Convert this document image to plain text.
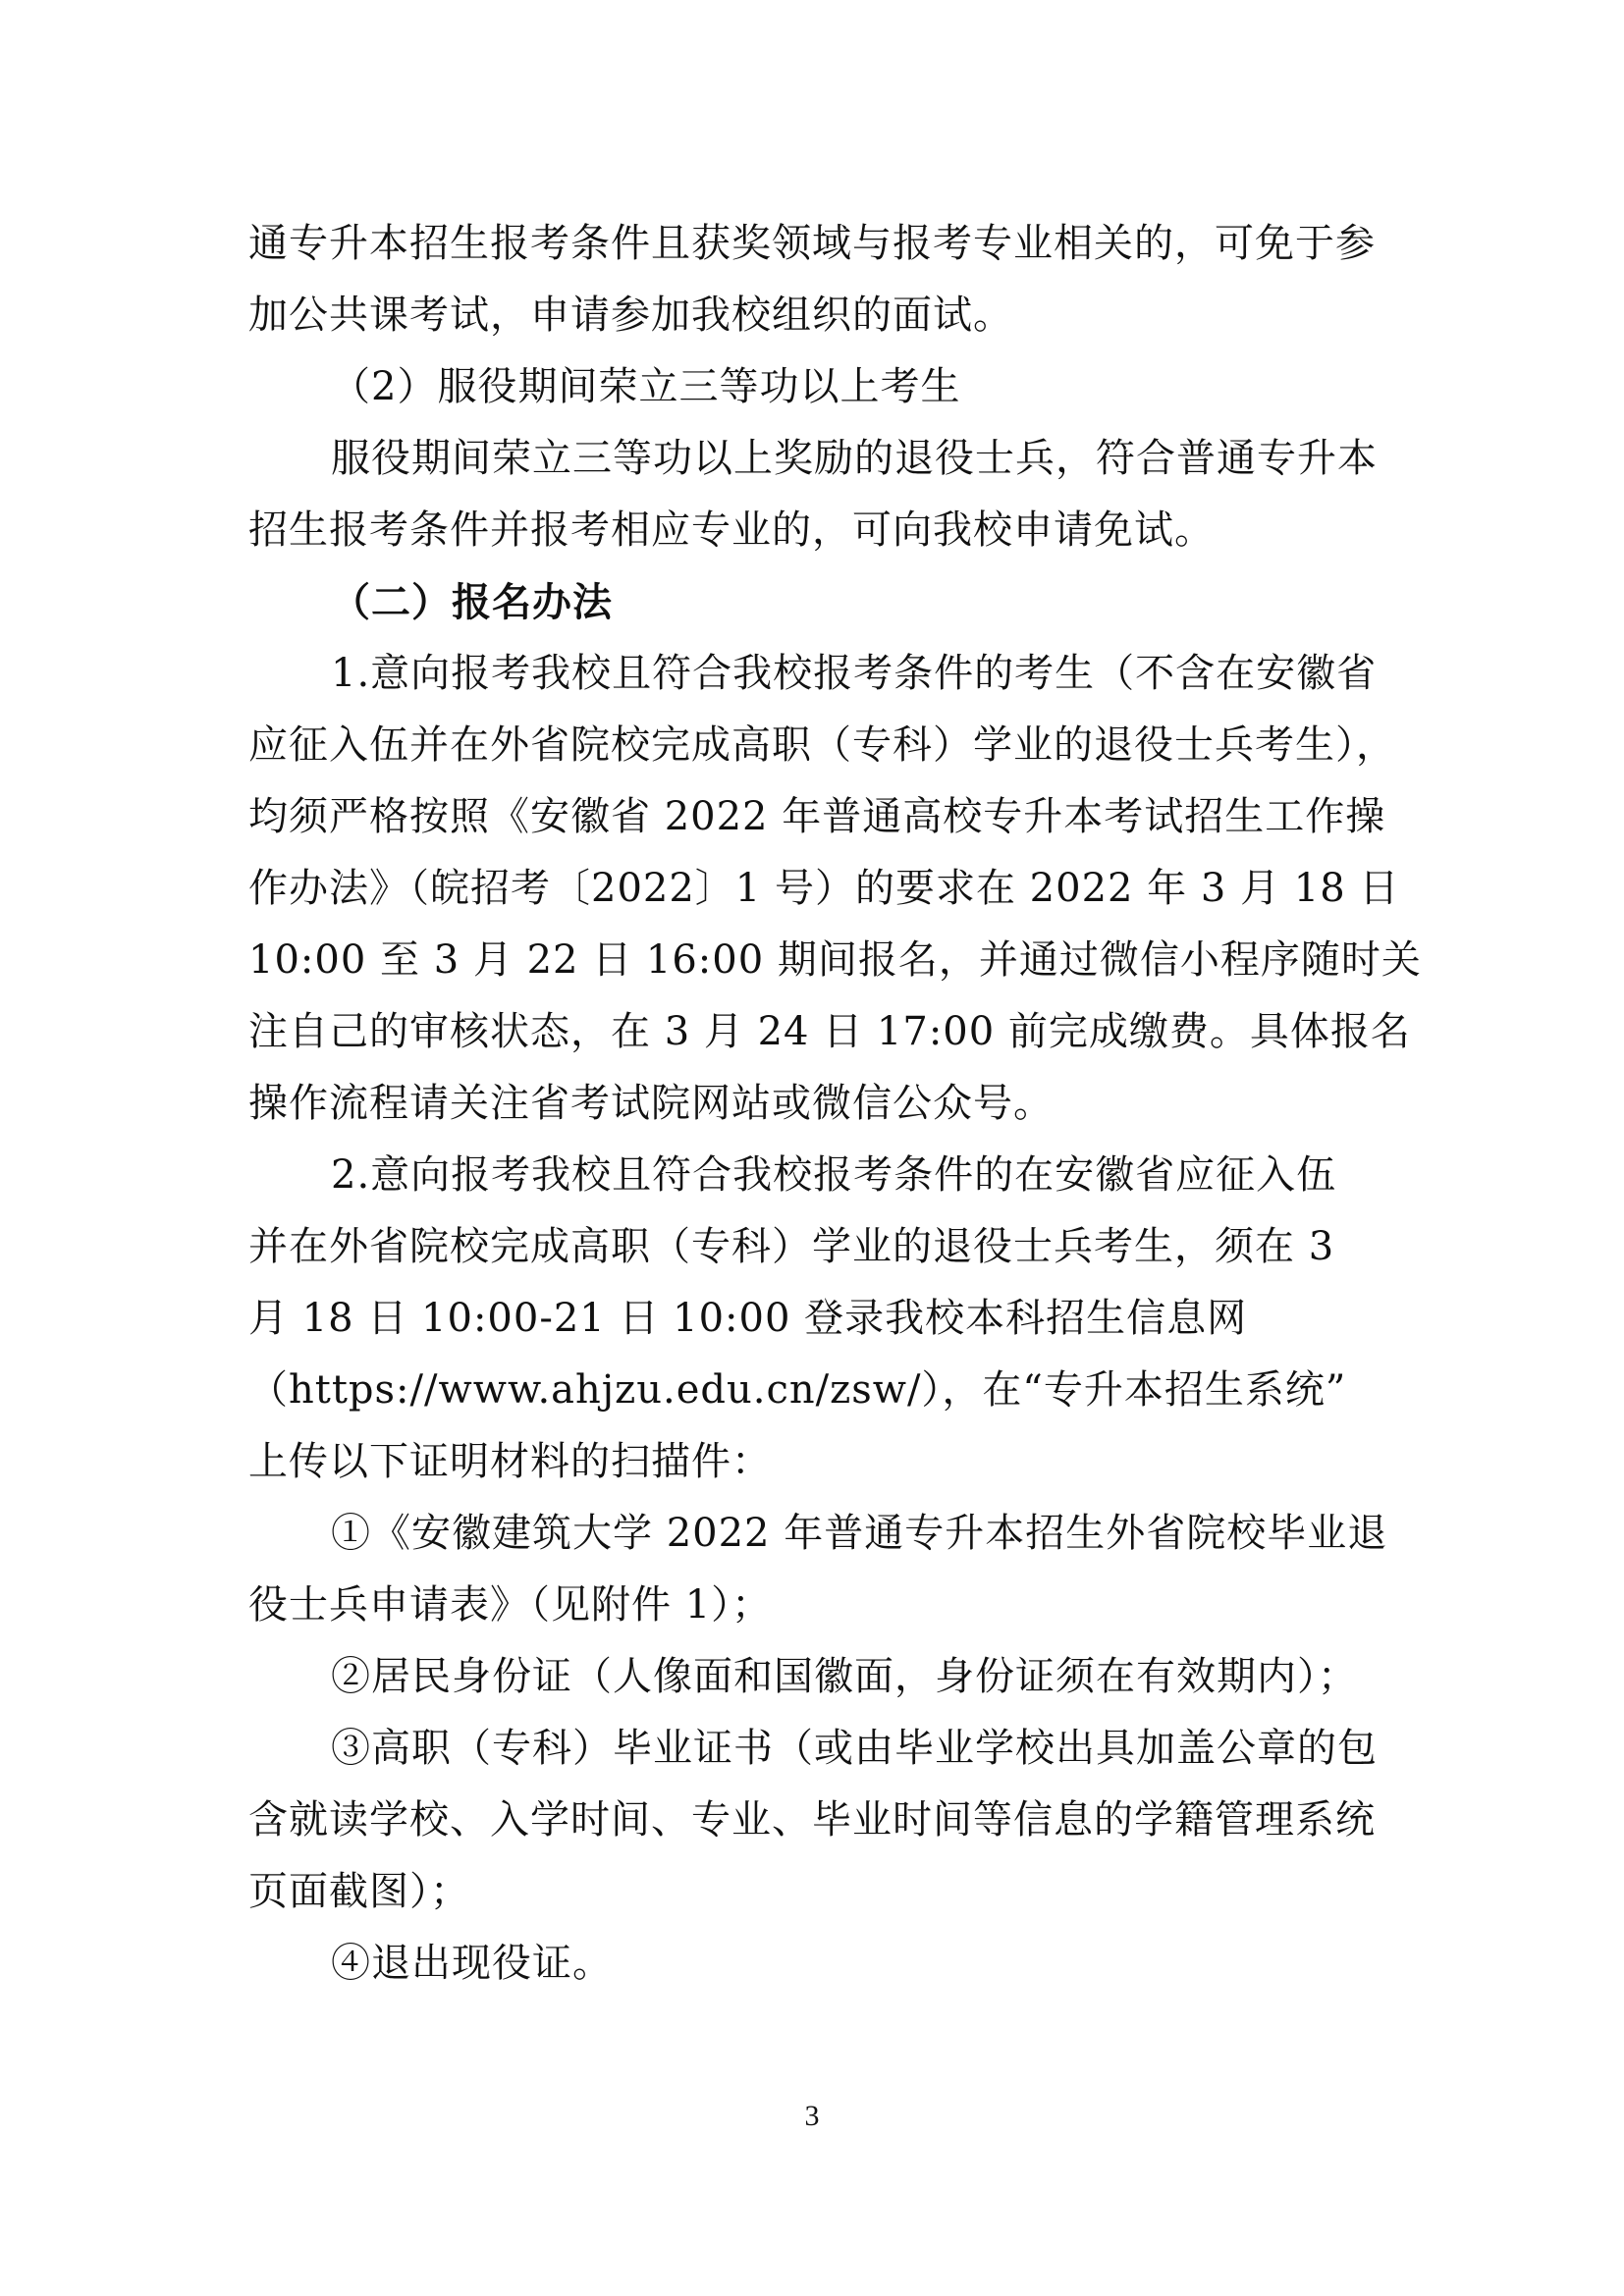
通专升本招生报考条件且获奖领域与报考专业相关的，可免于参
加公共课考试，申请参加我校组织的面试。
（2）服役期间荣立三等功以上考生
服役期间荣立三等功以上奖励的退役士兵，符合普通专升本
招生报考条件并报考相应专业的，可向我校申请免试。
（二）报名办法
1.意向报考我校且符合我校报考条件的考生（不含在安徽省
应征入伍并在外省院校完成高职（专科）学业的退役士兵考生），
均须严格按照《安徽省 2022 年普通高校专升本考试招生工作操
作办法》（皖招考〔2022〕1 号）的要求在 2022 年 3 月 18 日
10:00 至 3 月 22 日 16:00 期间报名，并通过微信小程序随时关
注自己的审核状态，在 3 月 24 日 17:00 前完成缴费。具体报名
操作流程请关注省考试院网站或微信公众号。
2.意向报考我校且符合我校报考条件的在安徽省应征入伍
并在外省院校完成高职（专科）学业的退役士兵考生，须在 3
月 18 日 10:00-21 日 10:00 登录我校本科招生信息网
（https://www.ahjzu.edu.cn/zsw/），在“专升本招生系统”
上传以下证明材料的扫描件：
①《安徽建筑大学 2022 年普通专升本招生外省院校毕业退
役士兵申请表》（见附件 1）；
②居民身份证（人像面和国徽面，身份证须在有效期内）；
③高职（专科）毕业证书（或由毕业学校出具加盖公章的包
含就读学校、入学时间、专业、毕业时间等信息的学籍管理系统
页面截图）；
④退出现役证。
3
